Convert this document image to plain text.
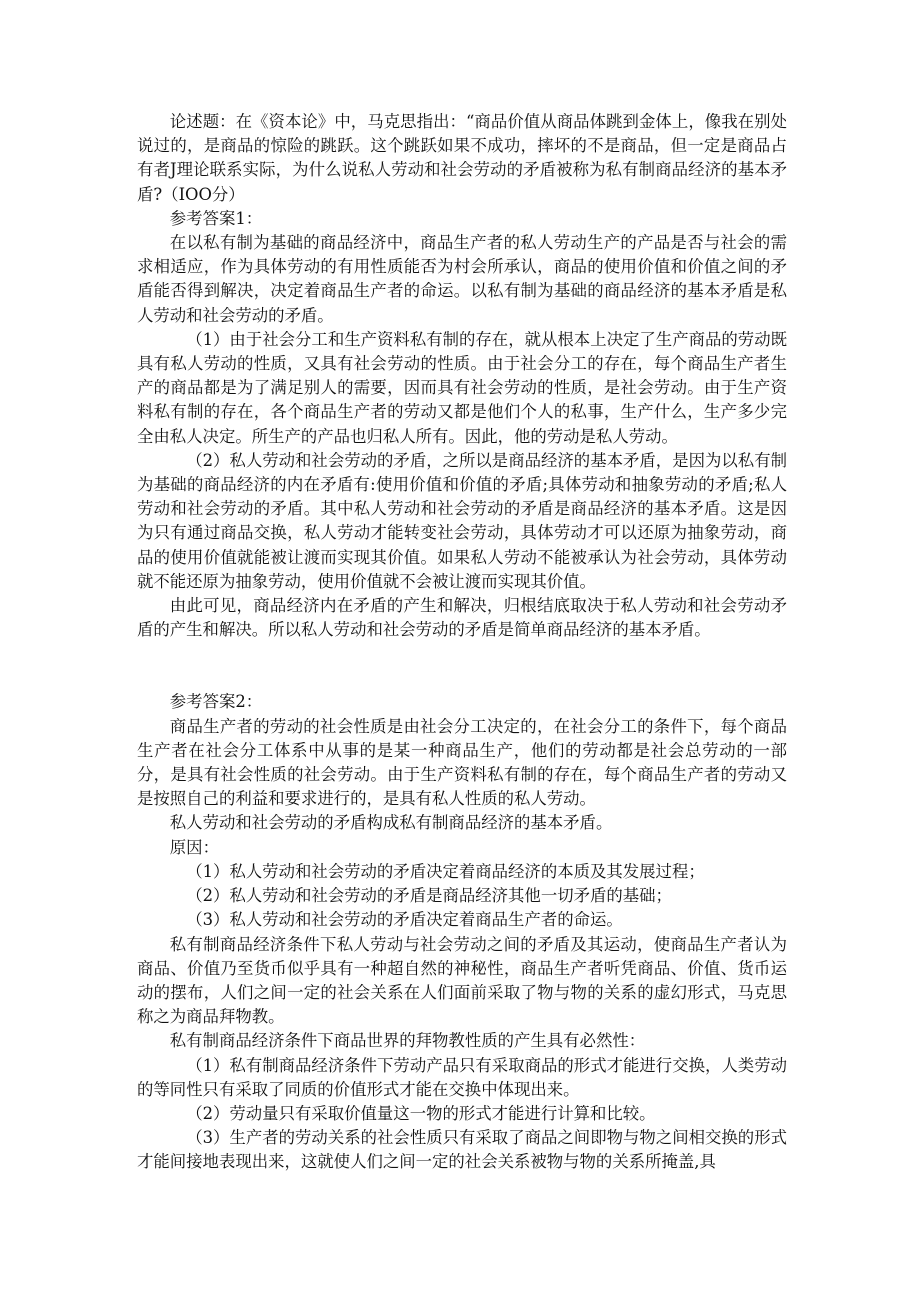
论述题：在《资本论》中，马克思指出：“商品价值从商品体跳到金体上，像我在别处说过的，是商品的惊险的跳跃。这个跳跃如果不成功，摔坏的不是商品，但一定是商品占有者J理论联系实际，为什么说私人劳动和社会劳动的矛盾被称为私有制商品经济的基本矛盾?（IOO分）

参考答案1：

在以私有制为基础的商品经济中，商品生产者的私人劳动生产的产品是否与社会的需求相适应，作为具体劳动的有用性质能否为村会所承认，商品的使用价值和价值之间的矛盾能否得到解决，决定着商品生产者的命运。以私有制为基础的商品经济的基本矛盾是私人劳动和社会劳动的矛盾。

（1）由于社会分工和生产资料私有制的存在，就从根本上决定了生产商品的劳动既具有私人劳动的性质，又具有社会劳动的性质。由于社会分工的存在，每个商品生产者生产的商品都是为了满足别人的需要，因而具有社会劳动的性质，是社会劳动。由于生产资料私有制的存在，各个商品生产者的劳动又都是他们个人的私事，生产什么，生产多少完全由私人决定。所生产的产品也归私人所有。因此，他的劳动是私人劳动。

（2）私人劳动和社会劳动的矛盾，之所以是商品经济的基本矛盾，是因为以私有制为基础的商品经济的内在矛盾有:使用价值和价值的矛盾;具体劳动和抽象劳动的矛盾;私人劳动和社会劳动的矛盾。其中私人劳动和社会劳动的矛盾是商品经济的基本矛盾。这是因为只有通过商品交换，私人劳动才能转变社会劳动，具体劳动才可以还原为抽象劳动，商品的使用价值就能被让渡而实现其价值。如果私人劳动不能被承认为社会劳动，具体劳动就不能还原为抽象劳动，使用价值就不会被让渡而实现其价值。

由此可见，商品经济内在矛盾的产生和解决，归根结底取决于私人劳动和社会劳动矛盾的产生和解决。所以私人劳动和社会劳动的矛盾是简单商品经济的基本矛盾。

参考答案2：

商品生产者的劳动的社会性质是由社会分工决定的，在社会分工的条件下，每个商品生产者在社会分工体系中从事的是某一种商品生产，他们的劳动都是社会总劳动的一部分，是具有社会性质的社会劳动。由于生产资料私有制的存在，每个商品生产者的劳动又是按照自己的利益和要求进行的，是具有私人性质的私人劳动。

私人劳动和社会劳动的矛盾构成私有制商品经济的基本矛盾。

原因：

（1）私人劳动和社会劳动的矛盾决定着商品经济的本质及其发展过程；

（2）私人劳动和社会劳动的矛盾是商品经济其他一切矛盾的基础；

（3）私人劳动和社会劳动的矛盾决定着商品生产者的命运。

私有制商品经济条件下私人劳动与社会劳动之间的矛盾及其运动，使商品生产者认为商品、价值乃至货币似乎具有一种超自然的神秘性，商品生产者听凭商品、价值、货币运动的摆布，人们之间一定的社会关系在人们面前采取了物与物的关系的虚幻形式，马克思称之为商品拜物教。

私有制商品经济条件下商品世界的拜物教性质的产生具有必然性：

（1）私有制商品经济条件下劳动产品只有采取商品的形式才能进行交换，人类劳动的等同性只有采取了同质的价值形式才能在交换中体现出来。

（2）劳动量只有采取价值量这一物的形式才能进行计算和比较。

（3）生产者的劳动关系的社会性质只有采取了商品之间即物与物之间相交换的形式才能间接地表现出来，这就使人们之间一定的社会关系被物与物的关系所掩盖,具
